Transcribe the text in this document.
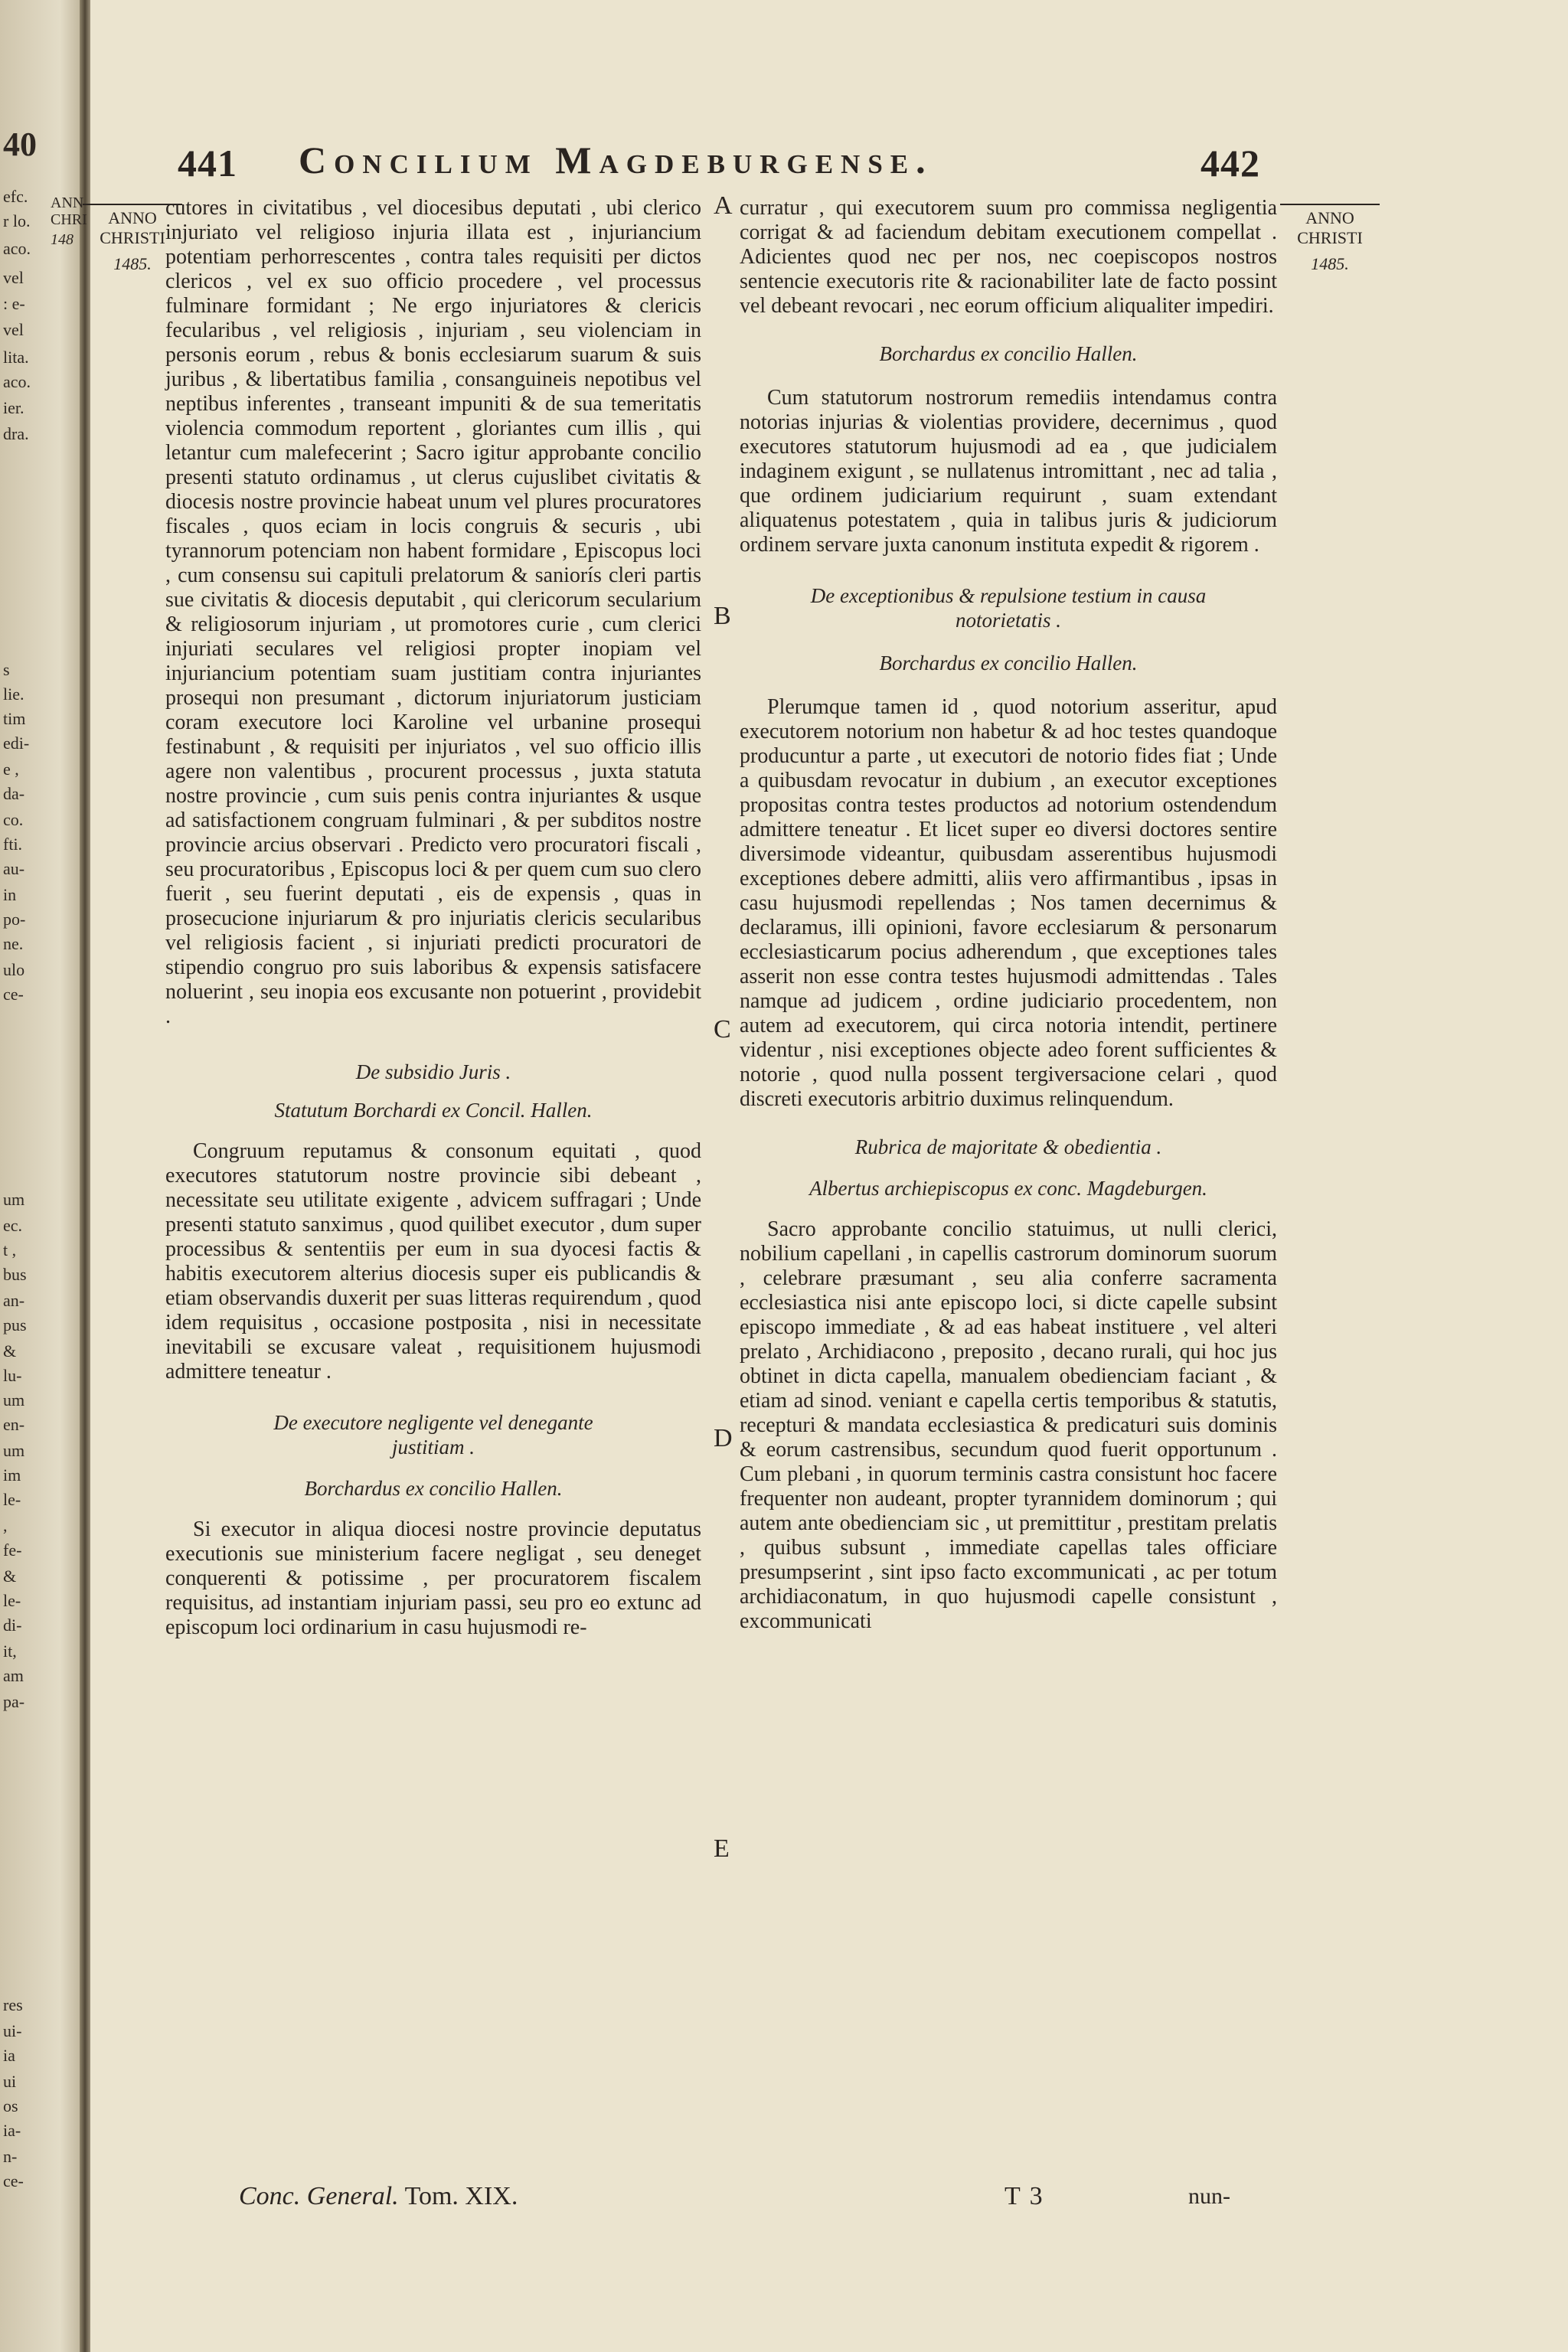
40
efc.
r lo.
aco.
vel
: e-
vel
lita.
aco.
ier.
dra.
s
lie.
tim
edi-
e ,
da-
co.
fti.
au-
in
po-
ne.
ulo
ce-
um
ec.
t ,
bus
an-
pus
&
lu-
um
en-
um
im
le-
,
fe-
&
le-
di-
it,
am
pa-
res
ui-
ia
ui
os
ia-
n-
ce-
ANN
CHRI
148
441 Concilium Magdeburgense.	442
ANNO
CHRISTI
1485.
ANNO
CHRISTI
1485.

cutores in civitatibus , vel diocesibus deputati , ubi clerico injuriato vel religioso injuria illata est , injuriancium potentiam perhorrescentes , contra tales requisiti per dictos clericos , vel ex suo officio procedere , vel processus fulminare formidant ; Ne ergo injuriatores & clericis fecularibus , vel religiosis , injuriam , seu violenciam in personis eorum , rebus & bonis ecclesiarum suarum & suis juribus , & libertatibus familia , consanguineis nepotibus vel neptibus inferentes , transeant impuniti & de sua temeritatis violencia commodum reportent , gloriantes cum illis , qui letantur cum malefecerint ; Sacro igitur approbante concilio presenti statuto ordinamus , ut clerus cujuslibet civitatis & diocesis nostre provincie habeat unum vel plures procuratores fiscales , quos eciam in locis congruis & securis , ubi tyrannorum potenciam non habent formidare , Episcopus loci , cum consensu sui capituli prelatorum & saniorís cleri partis sue civitatis & diocesis deputabit , qui clericorum secularium & religiosorum injuriam , ut promotores curie , cum clerici injuriati seculares vel religiosi propter inopiam vel injuriancium potentiam suam justitiam contra injuriantes prosequi non presumant , dictorum injuriatorum justiciam coram executore loci Karoline vel urbanine prosequi festinabunt , & requisiti per injuriatos , vel suo officio illis agere non valentibus , procurent processus , juxta statuta nostre provincie , cum suis penis contra injuriantes & usque ad satisfactionem congruam fulminari , & per subditos nostre provincie arcius observari . Predicto vero procuratori fiscali , seu procuratoribus , Episcopus loci & per quem cum suo clero fuerit , seu fuerint deputati , eis de expensis , quas in prosecucione injuriarum & pro injuriatis clericis secularibus vel religiosis facient , si injuriati predicti procuratori de stipendio congruo pro suis laboribus & expensis satisfacere noluerint , seu inopia eos excusante non potuerint , providebit .

De subsidio Juris .

Statutum Borchardi ex Concil. Hallen.

Congruum reputamus & consonum equitati , quod executores statutorum nostre provincie sibi debeant , necessitate seu utilitate exigente , advicem suffragari ; Unde presenti statuto sanximus , quod quilibet executor , dum super processibus & sententiis per eum in sua dyocesi factis & habitis executorem alterius diocesis super eis publicandis & etiam observandis duxerit per suas litteras requirendum , quod idem requisitus , occasione postposita , nisi in necessitate inevitabili se excusare valeat , requisitionem hujusmodi admittere teneatur .

De executore negligente vel denegante justitiam .

Borchardus ex concilio Hallen.

Si executor in aliqua diocesi nostre provincie deputatus executionis sue ministerium facere negligat , seu deneget conquerenti & potissime , per procuratorem fiscalem requisitus, ad instantiam injuriam passi, seu pro eo extunc ad episcopum loci ordinarium in casu hujusmodi re-

A
B
C
D
E

curratur , qui executorem suum pro commissa negligentia corrigat & ad faciendum debitam executionem compellat . Adicientes quod nec per nos, nec coepiscopos nostros sentencie executoris rite & racionabiliter late de facto possint vel debeant revocari , nec eorum officium aliqualiter impediri.

Borchardus ex concilio Hallen.

Cum statutorum nostrorum remediis intendamus contra notorias injurias & violentias providere, decernimus , quod executores statutorum hujusmodi ad ea , que judicialem indaginem exigunt , se nullatenus intromittant , nec ad talia , que ordinem judiciarium requirunt , suam extendant aliquatenus potestatem , quia in talibus juris & judiciorum ordinem servare juxta canonum instituta expedit & rigorem .

De exceptionibus & repulsione testium in causa notorietatis .

Borchardus ex concilio Hallen.

Plerumque tamen id , quod notorium asseritur, apud executorem notorium non habetur & ad hoc testes quandoque producuntur a parte , ut executori de notorio fides fiat ; Unde a quibusdam revocatur in dubium , an executor exceptiones propositas contra testes productos ad notorium ostendendum admittere teneatur . Et licet super eo diversi doctores sentire diversimode videantur, quibusdam asserentibus hujusmodi exceptiones debere admitti, aliis vero affirmantibus , ipsas in casu hujusmodi repellendas ; Nos tamen decernimus & declaramus, illi opinioni, favore ecclesiarum & personarum ecclesiasticarum pocius adherendum , que exceptiones tales asserit non esse contra testes hujusmodi admittendas . Tales namque ad judicem , ordine judiciario procedentem, non autem ad executorem, qui circa notoria intendit, pertinere videntur , nisi exceptiones objecte adeo forent sufficientes & notorie , quod nulla possent tergiversacione celari , quod discreti executoris arbitrio duximus relinquendum.

Rubrica de majoritate & obedientia .

Albertus archiepiscopus ex conc. Magdeburgen.

Sacro approbante concilio statuimus, ut nulli clerici, nobilium capellani , in capellis castrorum dominorum suorum , celebrare præsumant , seu alia conferre sacramenta ecclesiastica nisi ante episcopo loci, si dicte capelle subsint episcopo immediate , & ad eas habeat instituere , vel alteri prelato , Archidiacono , preposito , decano rurali, qui hoc jus obtinet in dicta capella, manualem obedienciam faciant , & etiam ad sinod. veniant e capella certis temporibus & statutis, recepturi & mandata ecclesiastica & predicaturi suis dominis & eorum castrensibus, secundum quod fuerit opportunum . Cum plebani , in quorum terminis castra consistunt hoc facere frequenter non audeant, propter tyrannidem dominorum ; qui autem ante obedienciam sic , ut premittitur , prestitam prelatis , quibus subsunt , immediate capellas tales officiare presumpserint , sint ipso facto excommunicati , ac per totum archidiaconatum, in quo hujusmodi capelle consistunt , excommunicati

Conc. General. Tom. XIX.	T 3	nun-
